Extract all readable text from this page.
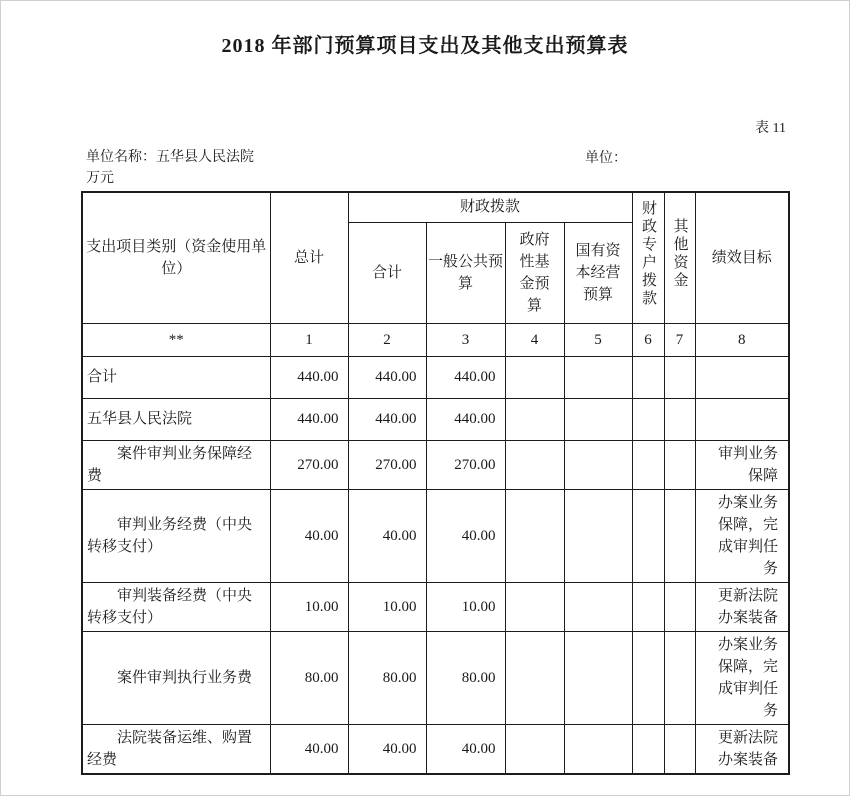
2018 年部门预算项目支出及其他支出预算表
表 11
单位名称：五华县人民法院	单位：
万元
支出项目类别（资金使用单位）	总计	财政拨款				财政专户拨款	其他资金	绩效目标
		合计	一般公共预算	政府性基金预算	国有资本经营预算			
**	1	2	3	4	5	6	7	8
合计	440.00	440.00	440.00					
五华县人民法院	440.00	440.00	440.00					
案件审判业务保障经费	270.00	270.00	270.00					审判业务保障
审判业务经费（中央转移支付）	40.00	40.00	40.00					办案业务保障，完成审判任务
审判装备经费（中央转移支付）	10.00	10.00	10.00					更新法院办案装备
案件审判执行业务费	80.00	80.00	80.00					办案业务保障，完成审判任务
法院装备运维、购置经费	40.00	40.00	40.00					更新法院办案装备
